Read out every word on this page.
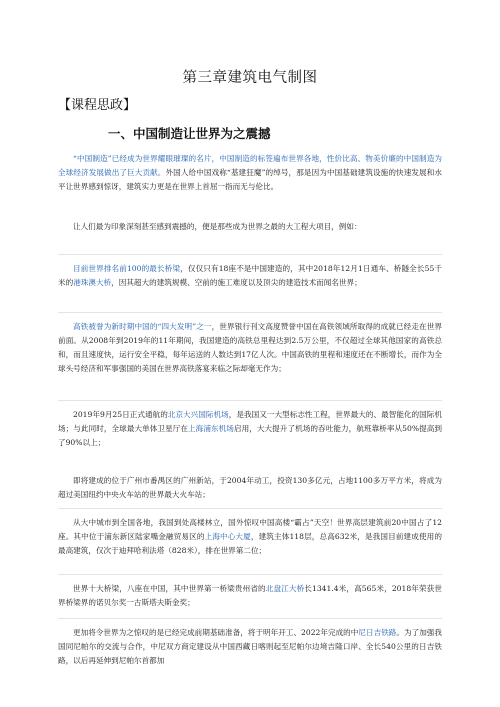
第三章建筑电气制图
【课程思政】
一、中国制造让世界为之震撼

“中国制造”已经成为世界耀眼璀璨的名片，中国制造的标签遍布世界各地，性价比高、物美价廉的中国制造为全球经济发展做出了巨大贡献。外国人给中国戏称“基建狂魔”的绰号，那是因为中国基础建筑设施的快速发展和水平让世界感到惊讶，建筑实力更是在世界上首屈一指而无与伦比。

让人们最为印象深刻甚至感到震撼的，便是那些成为世界之最的大工程大项目，例如：

目前世界排名前100的最长桥梁，仅仅只有18座不是中国建造的，其中2018年12月1日通车、桥隧全长55千米的港珠澳大桥，因其超大的建筑规模、空前的施工难度以及顶尖的建造技术而闻名世界；

高铁被誉为新时期中国的“四大发明”之一，世界银行刊文高度赞誉中国在高铁领域所取得的成就已经走在世界前面。从2008年到2019年的11年期间，我国建造的高铁总里程达到2.5万公里，不仅超过全球其他国家的高铁总和，而且速度快，运行安全平稳，每年运送的人数达到17亿人次。中国高铁的里程和速度还在不断增长，而作为全球头号经济和军事强国的美国在世界高铁落宴来临之际却毫无作为；

2019年9月25日正式通航的北京大兴国际机场，是我国又一大型标志性工程，世界最大的、最智能化的国际机场；与此同时，全球最大单体卫星厅在上海浦东机场启用，大大提升了机场的吞吐能力，航班靠桥率从50%提高到了90%以上；

即将建成的位于广州市番禺区的广州新站，于2004年动工，投资130多亿元，占地1100多万平方米，将成为超过美国纽约中央火车站的世界最大火车站；

从大中城市到全国各地，我国到处高楼林立，国外惊叹中国高楼“霸占”天空！世界高层建筑前20中国占了12座。其中位于浦东新区陆家嘴金融贸易区的上海中心大厦，建筑主体118层，总高632米，是我国目前建成使用的最高建筑，仅次于迪拜哈利法塔（828米），排在世界第二位；

世界十大桥梁，八座在中国，其中世界第一桥梁贵州省的北盘江大桥长1341.4米，高565米，2018年荣获世界桥梁界的诺贝尔奖一古斯塔夫斯金奖；

更加将令世界为之惊叹的是已经完成前期基础准备，将于明年开工、2022年完成的中尼日吉铁路。为了加强我国同尼帕尔的交流与合作，中尼双方商定建设从中国西藏日喀则起至尼帕尔边境吉隆口岸、全长540公里的日吉铁路，以后再延伸到尼帕尔首都加
